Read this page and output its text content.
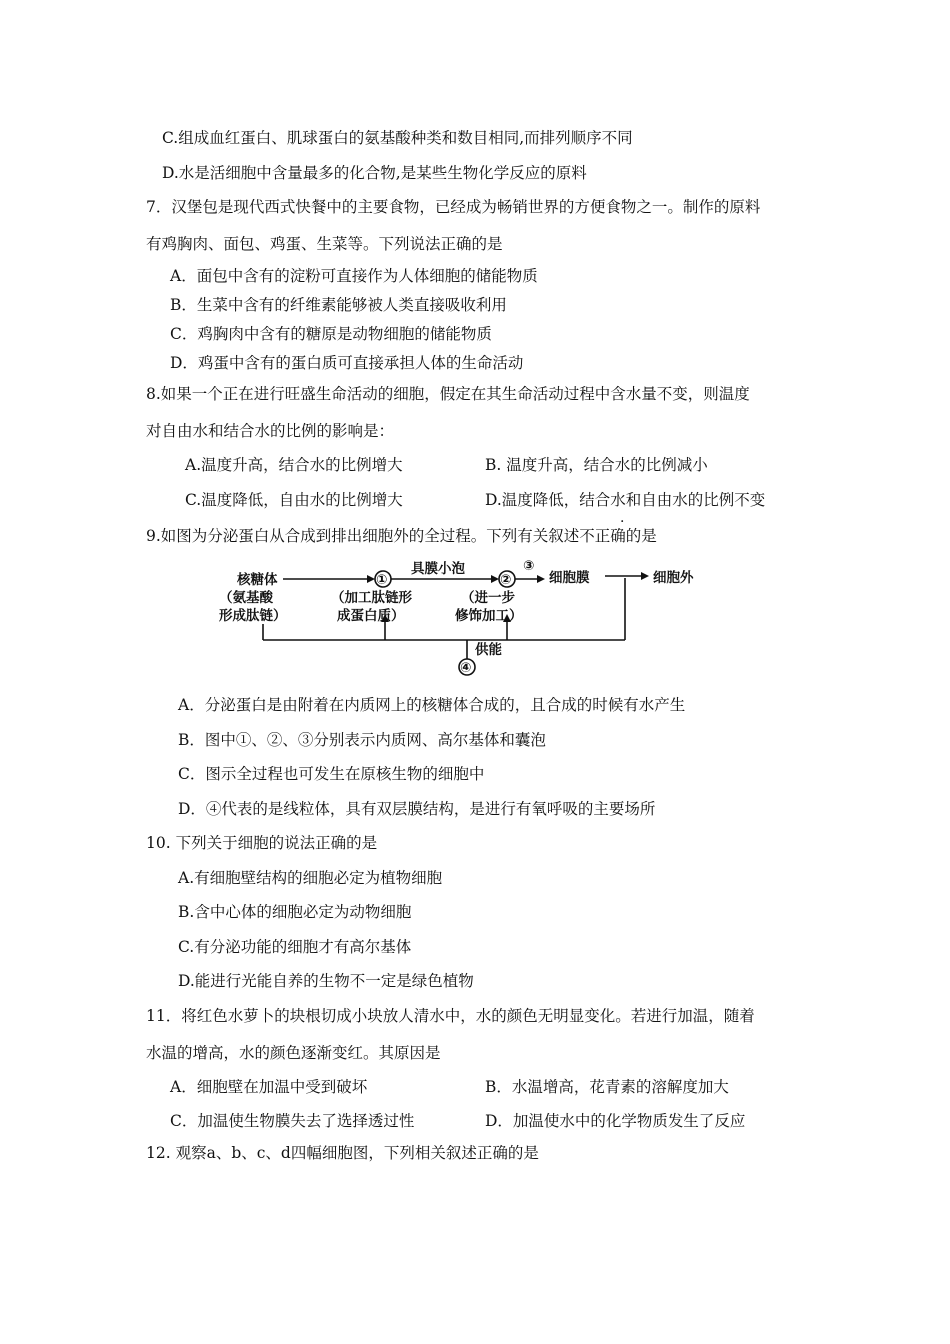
C.组成血红蛋白、肌球蛋白的氨基酸种类和数目相同,而排列顺序不同
D.水是活细胞中含量最多的化合物,是某些生物化学反应的原料
7．汉堡包是现代西式快餐中的主要食物，已经成为畅销世界的方便食物之一。制作的原料
有鸡胸肉、面包、鸡蛋、生菜等。下列说法正确的是
A．面包中含有的淀粉可直接作为人体细胞的储能物质
B．生菜中含有的纤维素能够被人类直接吸收利用
C．鸡胸肉中含有的糖原是动物细胞的储能物质
D．鸡蛋中含有的蛋白质可直接承担人体的生命活动
8.如果一个正在进行旺盛生命活动的细胞，假定在其生命活动过程中含水量不变，则温度
对自由水和结合水的比例的影响是：
A.温度升高，结合水的比例增大	B. 温度升高，结合水的比例减小
C.温度降低，自由水的比例增大	D.温度降低，结合水和自由水的比例不变
·
9.如图为分泌蛋白从合成到排出细胞外的全过程。下列有关叙述不正确的是
核糖体
（氨基酸
形成肽链）
①	②
③
④
具膜小泡
细胞膜	细胞外
（加工肽链形
成蛋白质）
（进一步
修饰加工）
供能
A．分泌蛋白是由附着在内质网上的核糖体合成的，且合成的时候有水产生
B．图中①、②、③分别表示内质网、高尔基体和囊泡
C．图示全过程也可发生在原核生物的细胞中
D．④代表的是线粒体，具有双层膜结构，是进行有氧呼吸的主要场所
10. 下列关于细胞的说法正确的是
A.有细胞壁结构的细胞必定为植物细胞
B.含中心体的细胞必定为动物细胞
C.有分泌功能的细胞才有高尔基体
D.能进行光能自养的生物不一定是绿色植物
11．将红色水萝卜的块根切成小块放人清水中，水的颜色无明显变化。若进行加温，随着
水温的增高，水的颜色逐渐变红。其原因是
A．细胞壁在加温中受到破坏	B．水温增高，花青素的溶解度加大
C．加温使生物膜失去了选择透过性	D．加温使水中的化学物质发生了反应
12. 观察a、b、c、d四幅细胞图，下列相关叙述正确的是
